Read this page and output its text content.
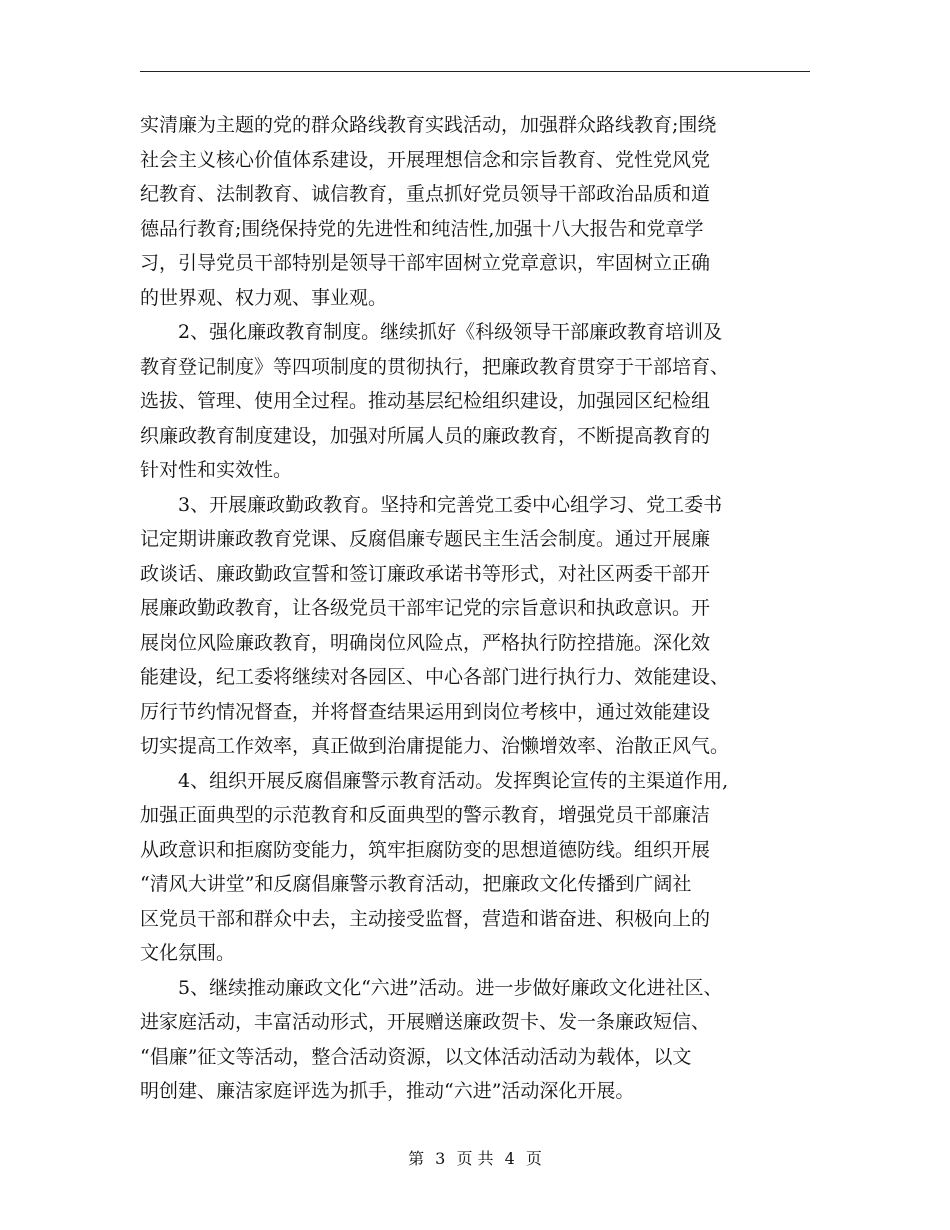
实清廉为主题的党的群众路线教育实践活动，加强群众路线教育;围绕
社会主义核心价值体系建设，开展理想信念和宗旨教育、党性党风党
纪教育、法制教育、诚信教育，重点抓好党员领导干部政治品质和道
德品行教育;围绕保持党的先进性和纯洁性,加强十八大报告和党章学
习，引导党员干部特别是领导干部牢固树立党章意识，牢固树立正确
的世界观、权力观、事业观。
　　2、强化廉政教育制度。继续抓好《科级领导干部廉政教育培训及
教育登记制度》等四项制度的贯彻执行，把廉政教育贯穿于干部培育、
选拔、管理、使用全过程。推动基层纪检组织建设，加强园区纪检组
织廉政教育制度建设，加强对所属人员的廉政教育，不断提高教育的
针对性和实效性。
　　3、开展廉政勤政教育。坚持和完善党工委中心组学习、党工委书
记定期讲廉政教育党课、反腐倡廉专题民主生活会制度。通过开展廉
政谈话、廉政勤政宣誓和签订廉政承诺书等形式，对社区两委干部开
展廉政勤政教育，让各级党员干部牢记党的宗旨意识和执政意识。开
展岗位风险廉政教育，明确岗位风险点，严格执行防控措施。深化效
能建设，纪工委将继续对各园区、中心各部门进行执行力、效能建设、
厉行节约情况督查，并将督查结果运用到岗位考核中，通过效能建设
切实提高工作效率，真正做到治庸提能力、治懒增效率、治散正风气。
　　4、组织开展反腐倡廉警示教育活动。发挥舆论宣传的主渠道作用,
加强正面典型的示范教育和反面典型的警示教育，增强党员干部廉洁
从政意识和拒腐防变能力，筑牢拒腐防变的思想道德防线。组织开展
“清风大讲堂”和反腐倡廉警示教育活动，把廉政文化传播到广阔社
区党员干部和群众中去，主动接受监督，营造和谐奋进、积极向上的
文化氛围。
　　5、继续推动廉政文化“六进”活动。进一步做好廉政文化进社区、
进家庭活动，丰富活动形式，开展赠送廉政贺卡、发一条廉政短信、
“倡廉”征文等活动，整合活动资源，以文体活动活动为载体，以文
明创建、廉洁家庭评选为抓手，推动“六进”活动深化开展。
第 3 页 共 4 页
